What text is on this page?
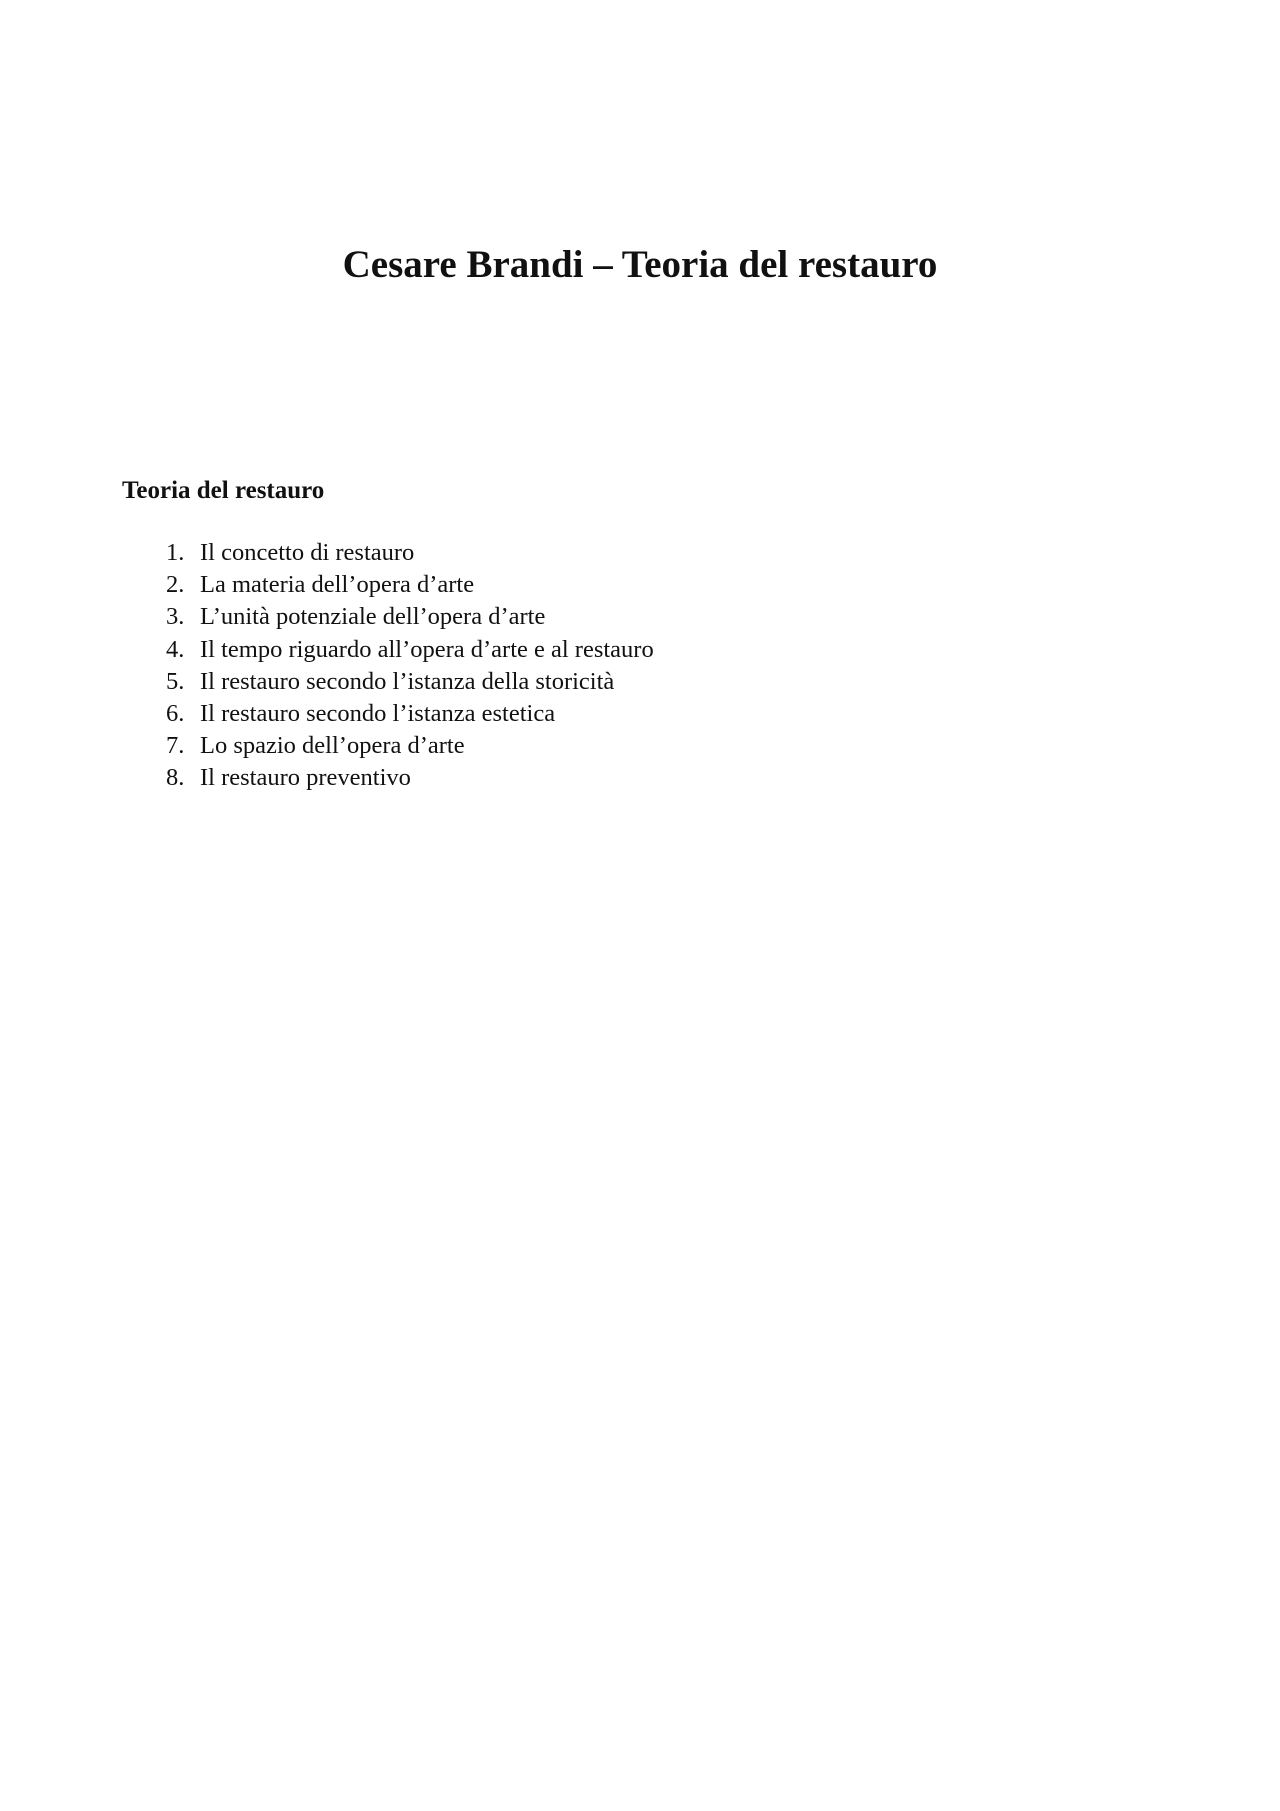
Cesare Brandi – Teoria del restauro
Teoria del restauro
1. Il concetto di restauro
2. La materia dell’opera d’arte
3. L’unità potenziale dell’opera d’arte
4. Il tempo riguardo all’opera d’arte e al restauro
5. Il restauro secondo l’istanza della storicità
6. Il restauro secondo l’istanza estetica
7. Lo spazio dell’opera d’arte
8. Il restauro preventivo
